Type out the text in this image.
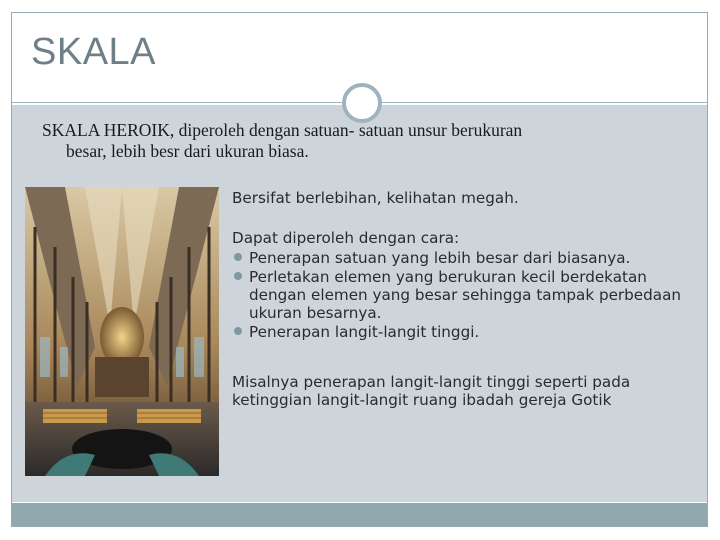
SKALA

SKALA HEROIK, diperoleh dengan satuan- satuan unsur berukuran
besar, lebih besr dari ukuran biasa.

Bersifat berlebihan, kelihatan megah.

Dapat diperoleh dengan cara:

Penerapan satuan yang lebih besar dari biasanya.
Perletakan elemen yang berukuran kecil berdekatan dengan elemen yang besar sehingga tampak perbedaan ukuran besarnya.
Penerapan langit-langit tinggi.

Misalnya penerapan langit-langit tinggi seperti pada ketinggian langit-langit ruang ibadah gereja Gotik
